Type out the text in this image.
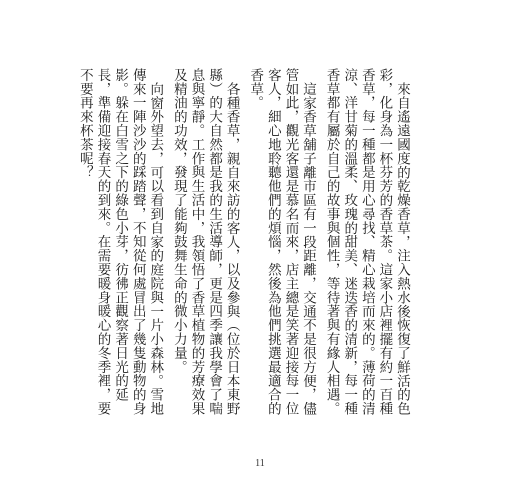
來自遙遠國度的乾燥香草，注入熱水後恢復了鮮活的色彩，化身為一杯芬芳的香草茶。這家小店裡擺有約一百種香草，每一種都是用心尋找、精心栽培而來的。薄荷的清涼、洋甘菊的溫柔、玫瑰的甜美、迷迭香的清新，每一種香草都有屬於自己的故事與個性，等待著與有緣人相遇。

這家香草舖子離市區有一段距離，交通不是很方便，儘管如此，觀光客還是慕名而來，店主總是笑著迎接每一位客人，細心地聆聽他們的煩惱，然後為他們挑選最適合的香草。

各種香草，親自來訪的客人，以及參與（位於日本東野縣）的大自然都是我的生活導師，更是四季讓我學會了喘息與寧靜。工作與生活中，我領悟了香草植物的芳療效果及精油的功效，發現了能夠鼓舞生命的微小力量。

向窗外望去，可以看到自家的庭院與一片小森林。雪地傳來一陣沙沙的踩踏聲，不知從何處冒出了幾隻動物的身影。躲在白雪之下的綠色小芽，彷彿正觀察著日光的延長，準備迎接春天的到來。在需要暖身暖心的冬季裡，要不要再來杯茶呢？

11
